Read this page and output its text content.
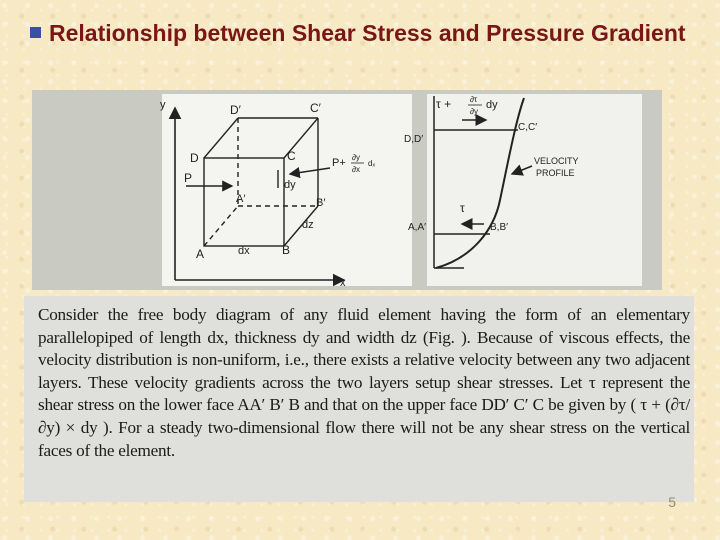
Relationship between Shear Stress and Pressure Gradient
y
x
D′	C′
D	C
P
P+ ∂y
∂x
dₓ
dy
B′
A′
dz
A	dx	B
τ + ∂τ
∂y
dy
D,D′
C,C′
VELOCITY
PROFILE
τ
A,A′	B,B′
Consider the free body diagram of any fluid element having the form of an elementary parallelopiped of length dx, thickness dy and width dz (Fig. ). Because of viscous effects, the velocity distribution is non-uniform, i.e., there exists a relative velocity between any two adjacent layers. These velocity gradients across the two layers setup shear stresses. Let τ represent the shear stress on the lower face AA′ B′ B and that on the upper face DD′ C′ C be given by ( τ + (∂τ/∂y) × dy ). For a steady two-dimensional flow there will not be any shear stress on the vertical faces of the element.
5
